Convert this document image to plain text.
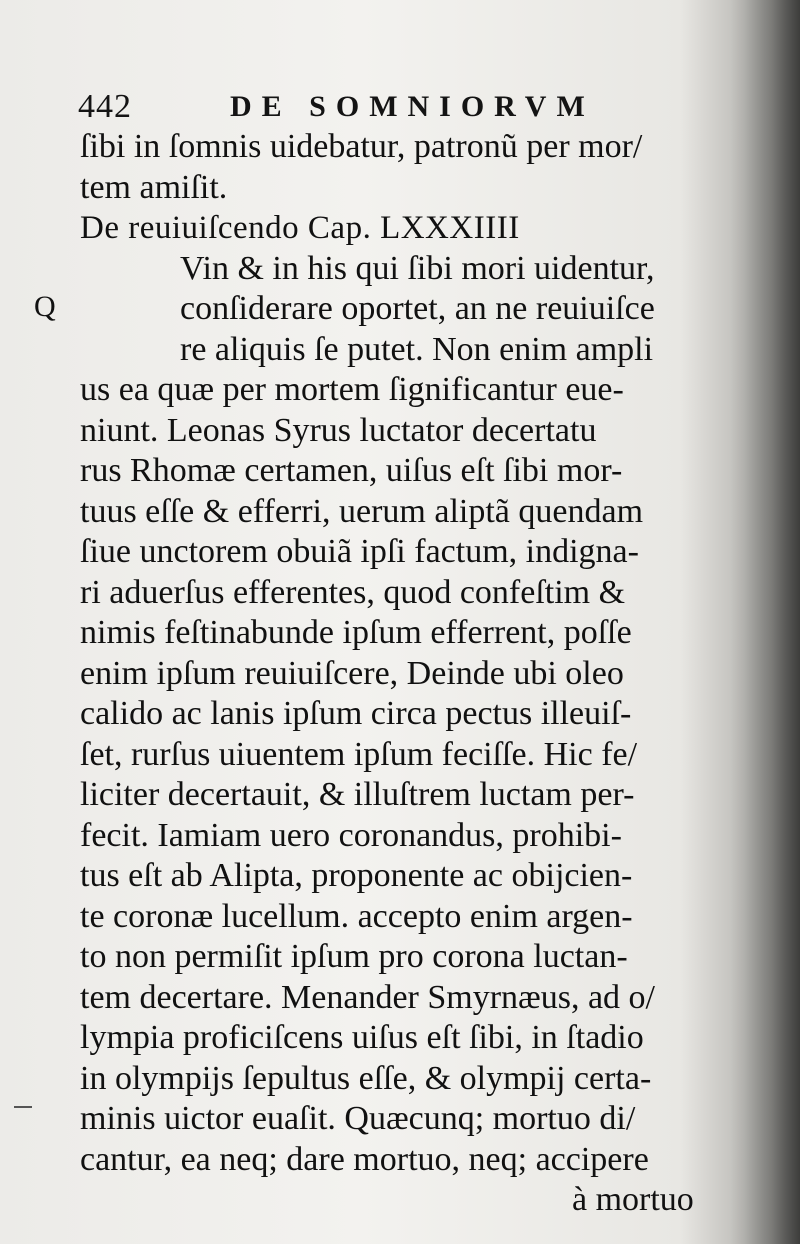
442	DE SOMNIORVM
Q
ſibi in ſomnis uidebatur, patronũ per mor/
tem amiſit.
De reuiuiſcendo Cap. LXXXIIII
Vin & in his qui ſibi mori uidentur,
conſiderare oportet, an ne reuiuiſce
re aliquis ſe putet. Non enim ampli
us ea quæ per mortem ſignificantur eue-
niunt. Leonas Syrus luctator decertatu
rus Rhomæ certamen, uiſus eſt ſibi mor-
tuus eſſe & efferri, uerum aliptã quendam
ſiue unctorem obuiã ipſi factum, indigna-
ri aduerſus efferentes, quod confeſtim &
nimis feſtinabunde ipſum efferrent, poſſe
enim ipſum reuiuiſcere, Deinde ubi oleo
calido ac lanis ipſum circa pectus illeuiſ-
ſet, rurſus uiuentem ipſum feciſſe. Hic fe/
liciter decertauit, & illuſtrem luctam per-
fecit. Iamiam uero coronandus, prohibi-
tus eſt ab Alipta, proponente ac obijcien-
te coronæ lucellum. accepto enim argen-
to non permiſit ipſum pro corona luctan-
tem decertare. Menander Smyrnæus, ad o/
lympia proficiſcens uiſus eſt ſibi, in ſtadio
in olympijs ſepultus eſſe, & olympij certa-
minis uictor euaſit. Quæcunq; mortuo di/
cantur, ea neq; dare mortuo, neq; accipere
à mortuo
